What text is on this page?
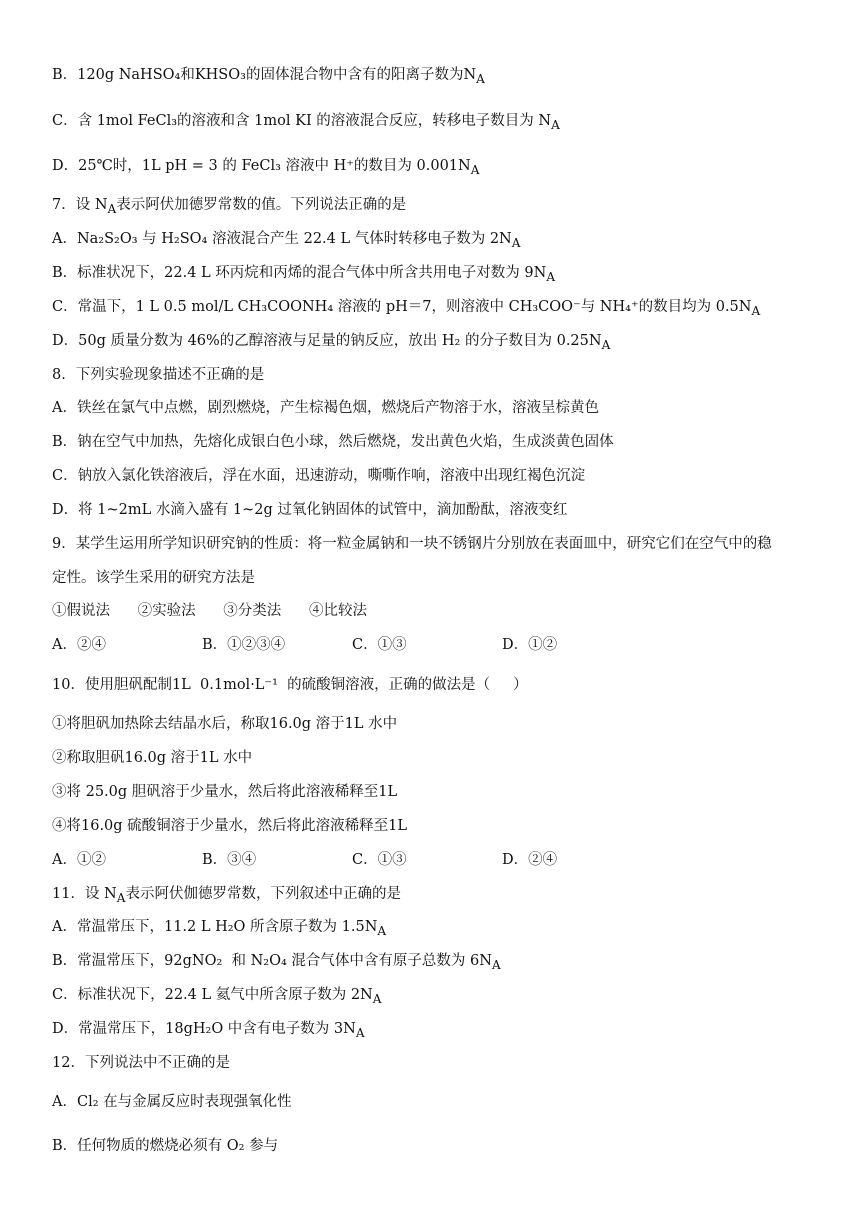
B．120g NaHSO₄和KHSO₃的固体混合物中含有的阳离子数为$N_A$
C．含 1mol FeCl₃的溶液和含 1mol KI 的溶液混合反应，转移电子数目为 $N_A$
D．25℃时，1L pH = 3 的 FeCl₃ 溶液中 H⁺的数目为 $0.001N_A$
7．设 $N_A$表示阿伏加德罗常数的值。下列说法正确的是
A．Na₂S₂O₃ 与 H₂SO₄ 溶液混合产生 22.4 L 气体时转移电子数为 $2N_A$
B．标准状况下，22.4 L 环丙烷和丙烯的混合气体中所含共用电子对数为 $9N_A$
C．常温下，1 L 0.5 mol/L CH₃COONH₄ 溶液的 pH＝7，则溶液中 CH₃COO⁻与 NH₄⁺的数目均为 $0.5N_A$
D．50g 质量分数为 46%的乙醇溶液与足量的钠反应，放出 H₂ 的分子数目为 $0.25N_A$
8．下列实验现象描述不正确的是
A．铁丝在氯气中点燃，剧烈燃烧，产生棕褐色烟，燃烧后产物溶于水，溶液呈棕黄色
B．钠在空气中加热，先熔化成银白色小球，然后燃烧，发出黄色火焰，生成淡黄色固体
C．钠放入氯化铁溶液后，浮在水面，迅速游动，嘶嘶作响，溶液中出现红褐色沉淀
D．将 1~2mL 水滴入盛有 1~2g 过氧化钠固体的试管中，滴加酚酞，溶液变红
9．某学生运用所学知识研究钠的性质：将一粒金属钠和一块不锈钢片分别放在表面皿中，研究它们在空气中的稳
定性。该学生采用的研究方法是
①假说法      ②实验法      ③分类法      ④比较法
A．②④	B．①②③④	C．①③	D．①②
10．使用胆矾配制1L  0.1mol·L⁻¹  的硫酸铜溶液，正确的做法是（     ）
①将胆矾加热除去结晶水后，称取16.0g 溶于1L 水中
②称取胆矾16.0g 溶于1L 水中
③将 25.0g 胆矾溶于少量水，然后将此溶液稀释至1L
④将16.0g 硫酸铜溶于少量水，然后将此溶液稀释至1L
A．①②	B．③④	C．①③	D．②④
11．设 $N_A$表示阿伏伽德罗常数，下列叙述中正确的是
A．常温常压下，11.2 L H₂O 所含原子数为 $1.5N_A$
B．常温常压下，92gNO₂  和 N₂O₄ 混合气体中含有原子总数为 $6N_A$
C．标准状况下，22.4 L 氦气中所含原子数为 $2N_A$
D．常温常压下，18gH₂O 中含有电子数为 $3N_A$
12．下列说法中不正确的是
A．Cl₂ 在与金属反应时表现强氧化性
B．任何物质的燃烧必须有 O₂ 参与
